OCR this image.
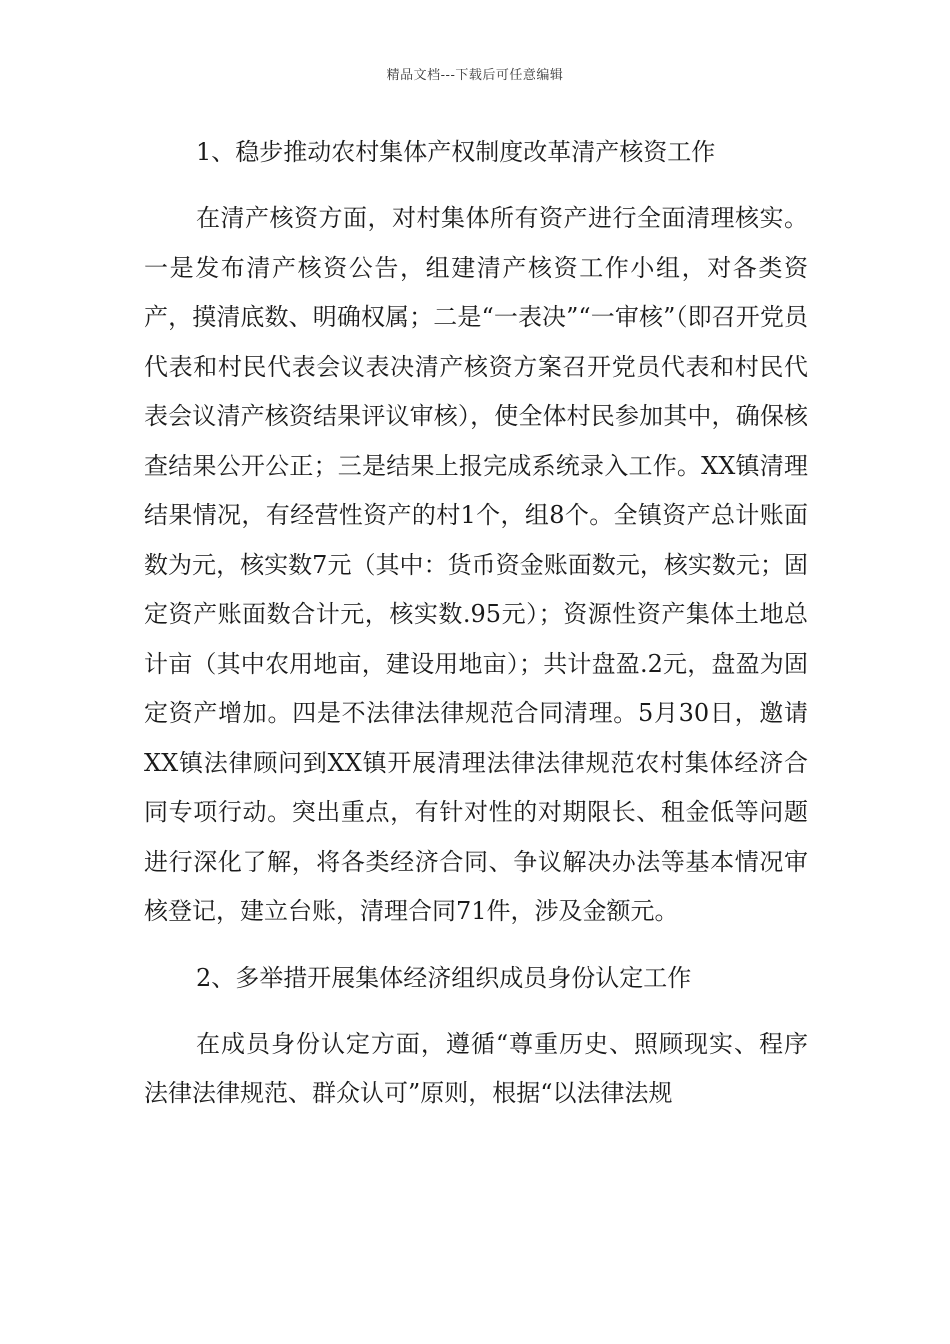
精品文档---下载后可任意编辑
1、稳步推动农村集体产权制度改革清产核资工作

在清产核资方面，对村集体所有资产进行全面清理核实。一是发布清产核资公告，组建清产核资工作小组，对各类资产，摸清底数、明确权属；二是“一表决”“一审核”（即召开党员代表和村民代表会议表决清产核资方案召开党员代表和村民代表会议清产核资结果评议审核），使全体村民参加其中，确保核查结果公开公正；三是结果上报完成系统录入工作。XX镇清理结果情况，有经营性资产的村1个，组8个。全镇资产总计账面数为元，核实数7元（其中：货币资金账面数元，核实数元；固定资产账面数合计元，核实数.95元）；资源性资产集体土地总计亩（其中农用地亩，建设用地亩）；共计盘盈.2元，盘盈为固定资产增加。四是不法律法律规范合同清理。5月30日，邀请XX镇法律顾问到XX镇开展清理法律法律规范农村集体经济合同专项行动。突出重点，有针对性的对期限长、租金低等问题进行深化了解，将各类经济合同、争议解决办法等基本情况审核登记，建立台账，清理合同71件，涉及金额元。

2、多举措开展集体经济组织成员身份认定工作

在成员身份认定方面，遵循“尊重历史、照顾现实、程序法律法律规范、群众认可”原则，根据“以法律法规
